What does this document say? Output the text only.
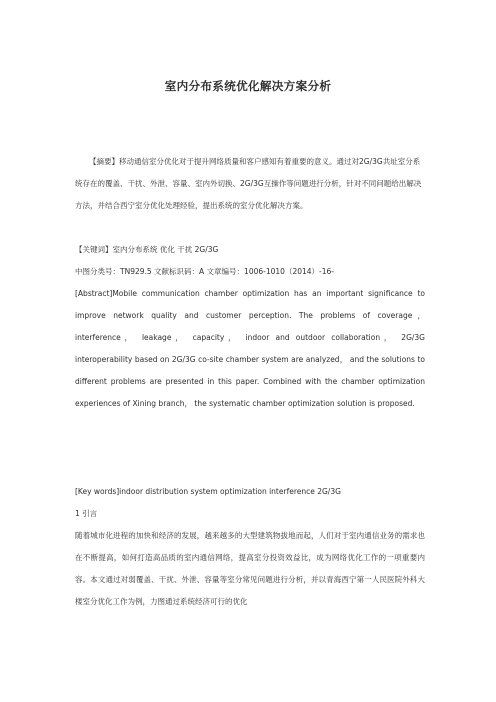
室内分布系统优化解决方案分析

【摘要】移动通信室分优化对于提升网络质量和客户感知有着重要的意义。通过对2G/3G共址室分系统存在的覆盖、干扰、外泄、容量、室内外切换、2G/3G互操作等问题进行分析，针对不同问题给出解决方法，并结合西宁室分优化处理经验，提出系统的室分优化解决方案。

【关键词】室内分布系统 优化 干扰 2G/3G

中图分类号：TN929.5 文献标识码：A 文章编号：1006-1010（2014）-16-

[Abstract]Mobile communication chamber optimization has an important significance to improve network quality and customer perception. The problems of coverage， interference， leakage， capacity， indoor and outdoor collaboration， 2G/3G interoperability based on 2G/3G co-site chamber system are analyzed， and the solutions to different problems are presented in this paper. Combined with the chamber optimization experiences of Xining branch， the systematic chamber optimization solution is proposed.

[Key words]indoor distribution system optimization interference 2G/3G

1 引言

随着城市化进程的加快和经济的发展，越来越多的大型建筑物拔地而起，人们对于室内通信业务的需求也在不断提高，如何打造高品质的室内通信网络，提高室分投资效益比，成为网络优化工作的一项重要内容。本文通过对弱覆盖、干扰、外泄、容量等室分常见问题进行分析，并以青海西宁第一人民医院外科大楼室分优化工作为例，力图通过系统经济可行的优化
